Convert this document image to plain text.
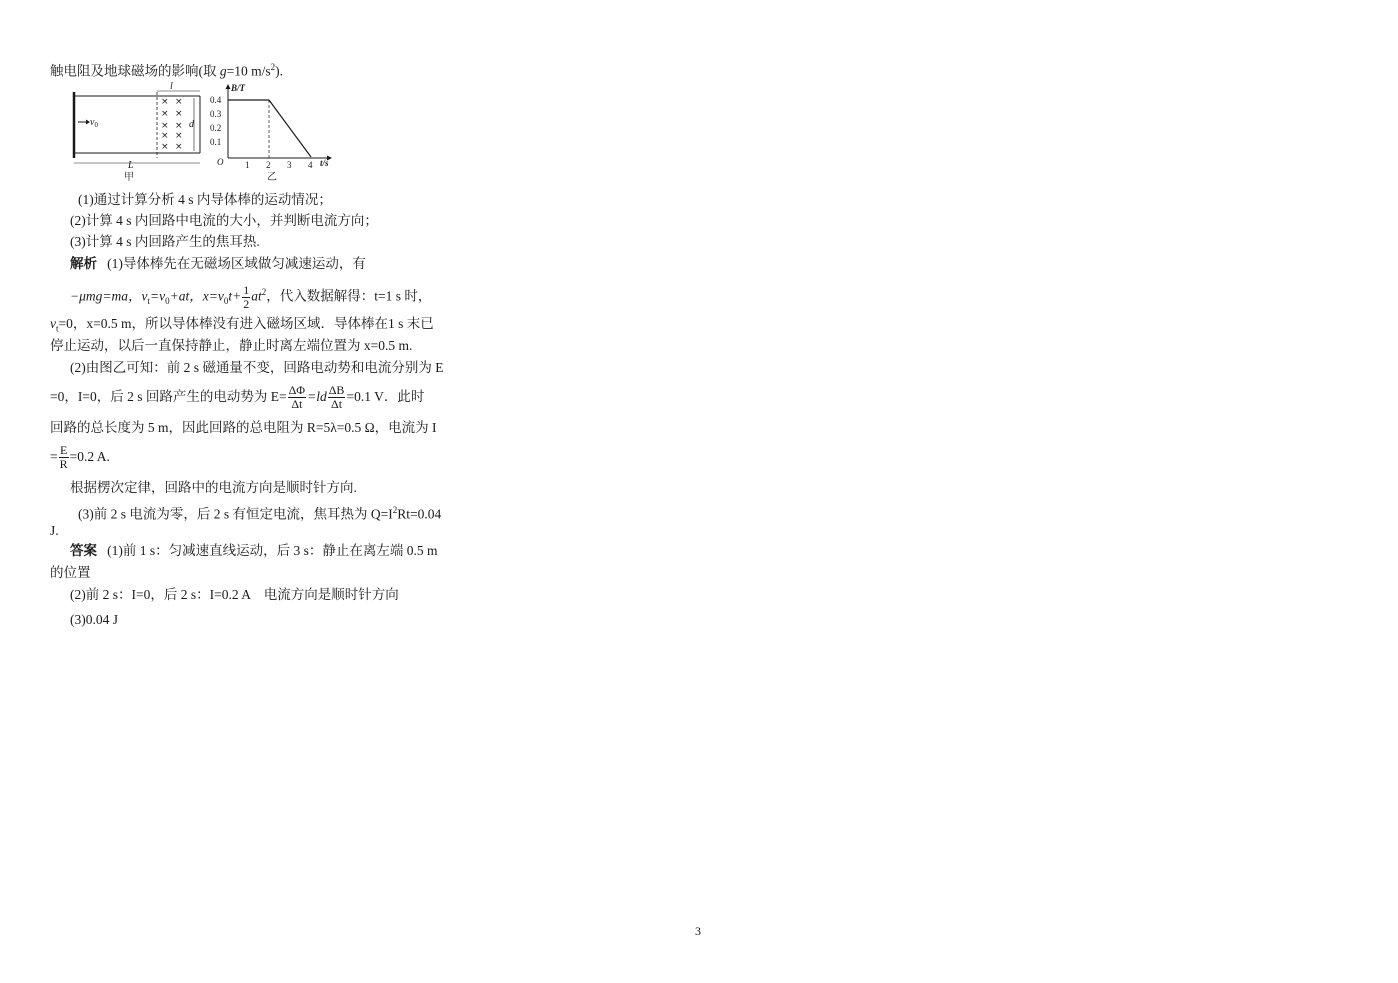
触电阻及地球磁场的影响(取 g=10 $m/s^2$).
$v_0$
× ×
× ×
× ×
× ×
× ×
l
d
L
甲
B/T
t/s
O
0.4
0.3
0.2
0.1
1 2 3 4
乙
(1)通过计算分析 4 s 内导体棒的运动情况；
(2)计算 4 s 内回路中电流的大小，并判断电流方向；
(3)计算 4 s 内回路产生的焦耳热.
解析 (1)导体棒先在无磁场区域做匀减速运动，有
−μmg=ma，$v_t=v_0+at$，$x=v_0t+ \frac{1}{2} at^2$，代入数据解得：t=1 s 时，
$v_t=0$，x=0.5 m，所以导体棒没有进入磁场区域．导体棒在1 s 末已
停止运动，以后一直保持静止，静止时离左端位置为 x=0.5 m.
(2)由图乙可知：前 2 s 磁通量不变，回路电动势和电流分别为 E
=0，I=0，后 2 s 回路产生的电动势为 $E= \frac{\Delta\Phi}{\Delta t} =ld \frac{\Delta B}{\Delta t} =0.1$ V．此时
回路的总长度为 5 m，因此回路的总电阻为 R=5λ=0.5 Ω，电流为 I
= $\frac{E}{R} =0.2$ A.
根据楞次定律，回路中的电流方向是顺时针方向.
(3)前 2 s 电流为零，后 2 s 有恒定电流，焦耳热为 $Q=I^2Rt=0.04$
J.
答案 (1)前 1 s：匀减速直线运动，后 3 s：静止在离左端 0.5 m
的位置
(2)前 2 s：I=0，后 2 s：I=0.2 A　电流方向是顺时针方向
(3)0.04 J
3
